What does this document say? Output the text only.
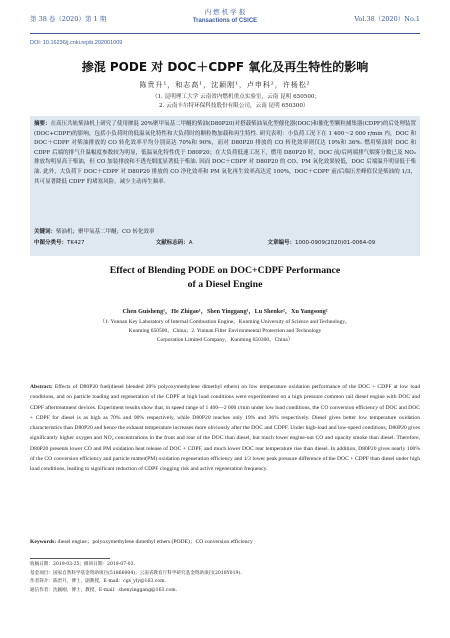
第 38 卷（2020）第 1 期
内 燃 机 学 报
Transactions of CSICE	Vol.38（2020）No.1
DOI: 10.16236/j.cnki.nrjxb.202001009
掺混 PODE 对 DOC＋CDPF 氧化及再生特性的影响
陈贵升¹，和志高¹，沈颖刚¹，卢申科²，许杨松²
（1. 昆明理工大学 云南省内燃机重点实验室，云南 昆明 650500；
2. 云南丰尔特环保科技股份有限公司，云南 昆明 650300）
摘要：在高压共轨柴油机上研究了使用掺混 20%聚甲氧基二甲醚的柴油(D80P20)对搭载柴油氧化型催化器(DOC)和催化型颗粒捕集器(CDPF)的后处理装置(DOC+CDPF)的影响，包括小负荷时的低温氧化特性和大负荷时的颗粒物加载和再生特性. 研究表明：小负荷工况下在 1 400～2 000 r/min 内，DOC 和 DOC＋CDPF 对柴油排放的 CO 转化效率平均分别高达 70%和 90%，而对 D80P20 排放的 CO 转化效率则仅达 19%和 36%. 燃用柴油时 DOC 和 CDPF 后端的排气升温幅度参数较为明显，低温氧化特性优于 D80P20；在大负荷低速工况下，燃用 D80P20 时，DOC 前/后两端排气烟雾分数已及 NO₂ 排放均明显高于柴油，但 CO 加装排放和不透光烟度显著低于柴油. 因而 DOC＋CDPF 对 D80P20 的 CO、PM 氧化效果较低，DOC 后端温升明显低于柴油. 此外，大负荷下 DOC＋CDPF 对 D80P20 排放的 CO 净化效率和 PM 氧化再生效率高达近 100%，DOC＋CDPF 前/后端压差峰值仅是柴油的 1/3，其可显著降低 CDPF 的堵塞风险，减少主动再生频率.
关键词：柴油机；聚甲氧基二甲醚；CO 转化效率
中图分类号：TK427	文献标志码：A	文章编号：1000-0909(2020)01-0064-09
Effect of Blending PODE on DOC+CDPF Performance
of a Diesel Engine
Chen Guisheng¹，He Zhigao¹，Shen Yinggang¹，Lu Shenke²，Xu Yangsong²
（1. Yunnan Key Laboratory of Internal Combustion Engine，Kunming University of Science and Technology，
Kunming 650500，China；2. Yunnan Filter Environmental Protection and Technology
Corporation Limited Company，Kunming 650300，China）
Abstract: Effects of D80P20 fuel(diesel blended 20% polyoxymethylene dimethyl ethers) on low temperature oxidation performance of the DOC + CDPF at low load conditions, and on particle loading and regeneration of the CDPF at high load conditions were experimented on a high pressure common rail diesel engine with DOC and CDPF aftertreatment devices. Experiment results show that, in speed range of 1 400—2 000 r/min under low load conditions, the CO conversion efficiency of DOC and DOC + CDPF for diesel is as high as 70% and 90% respectively, while D80P20 reaches only 19% and 36% respectively. Diesel gives better low temperature oxidation characteristics than D80P20 and hence the exhaust temperature increases more obviously after the DOC and CDPF. Under high-load and low-speed conditions, D80P20 gives significantly higher oxygen and NO₂ concentrations in the front and rear of the DOC than diesel, but much lower engine-out CO and opacity smoke than diesel. Therefore, D80P20 presents lower CO and PM oxidation heat release of DOC + CDPF, and much lower DOC rear temperature rise than diesel. In addition, D80P20 gives nearly 100% of the CO conversion efficiency and particle matter(PM) oxidation regeneration efficiency and 1/3 lower peak pressure difference of the DOC + CDPF than diesel under high load conditions, leading to significant reduction of CDPF clogging risk and active regeneration frequency.
Keywords: diesel engine；polyoxymethylene dimethyl ethers (PODE)；CO conversion efficiency
收稿日期：2019-03-25；修回日期：2019-07-03.
基金项目：国家自然科学基金资助项目(51866004)；云南省教育厅科学研究基金资助项目(2018Y019).
作者简介：陈贵升，博士，副教授，E-mail：cgs_yly@163.com.
通信作者：沈颖刚，博士，教授，E-mail：shenyinggang@163.com.
